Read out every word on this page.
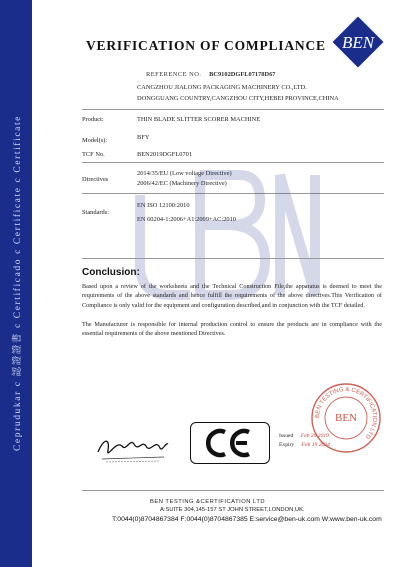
Ceprudukar c 認證證書 c Certificado c Certificate c Certificate
BEN
VERIFICATION OF COMPLIANCE
REFERENCE NO. BC9102DGFL07178D67
CANGZHOU JIALONG PACKAGING MACHINERY CO.,LTD.
DONGGUANG COUNTRY,CANGZHOU CITY,HEBEI PROVINCE,CHINA
Product:	THIN BLADE SLITTER SCORER MACHINE
Model(s):	BFY
TCF No.	BEN2019DGFL0701
Directives
2014/35/EU (Low voltage Directive)
2006/42/EC (Machinery Directive)
Standards:
EN ISO 12100:2010
EN 60204-1:2006+A1:2009+AC:2010
Conclusion:
Based upon a review of the worksheets and the Technical Construction File,the apparatus is deemed to meet the requirements of the above standards and hence fulfill the requirements of the above directives.This Verification of Compliance is only valid for the equipment and configuration described,and in conjunction with the TCF detailed.
The Manufacturer is responsible for internal production control to ensure the products are in compliance with the essential requirements of the above mentioned Directives.
BEN TESTING & CERTIFICATION LTD
BEN
Issued Feb 20 2019
Expiry Feb 19 2024
BEN TESTING &CERTIFICATION LTD
A:SUITE 304,145-157 ST JOHN STREET,LONDON,UK.
T:0044(0)8704867384 F:0044(0)8704867385 E:service@ben-uk.com W:www.ben-uk.com
